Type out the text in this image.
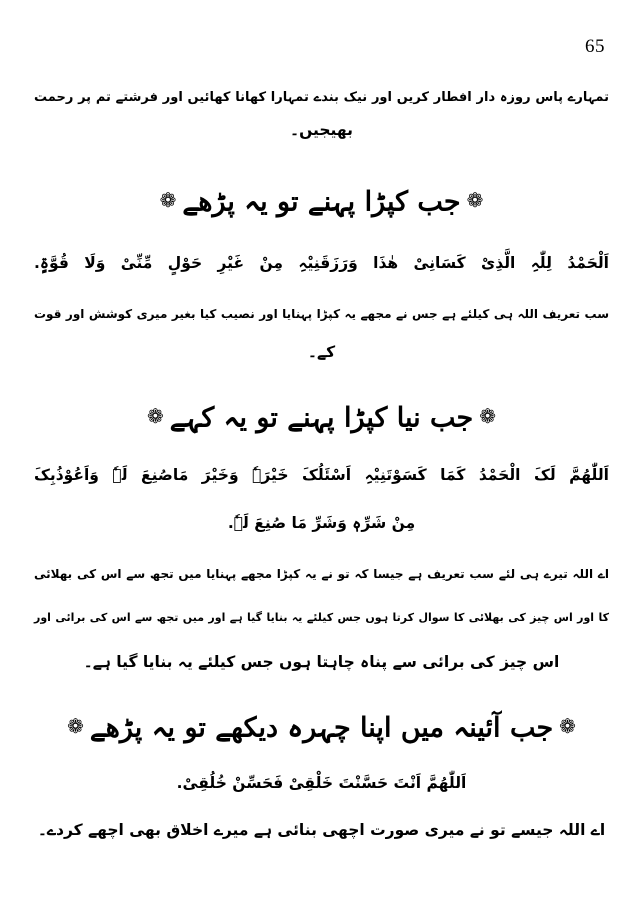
65
تمہارے پاس روزہ دار افطار کریں اور نیک بندے تمہارا کھانا کھائیں اور فرشتے تم پر رحمت
بھیجیں۔
❁جب کپڑا پہنے تو یہ پڑھے❁
اَلْحَمْدُ لِلّٰہِ الَّذِیْ کَسَانِیْ ھٰذَا وَرَزَقَنِیْہِ مِنْ غَیْرِ حَوْلٍ مِّنِّیْ وَلَا قُوَّۃٍ.
سب تعریف اللہ ہی کیلئے ہے جس نے مجھے یہ کپڑا پہنایا اور نصیب کیا بغیر میری کوشش اور قوت
کے۔
❁جب نیا کپڑا پہنے تو یہ کہے❁
اَللّٰھُمَّ لَکَ الْحَمْدُ کَمَا کَسَوْتَنِیْہِ اَسْئَلُکَ خَیْرَہٗ وَخَیْرَ مَاصُنِعَ لَہٗ وَاَعُوْذُبِکَ
مِنْ شَرِّہٖ وَشَرِّ مَا صُنِعَ لَہٗ.
اے اللہ تیرے ہی لئے سب تعریف ہے جیسا کہ تو نے یہ کپڑا مجھے پہنایا میں تجھ سے اس کی بھلائی
کا اور اس چیز کی بھلائی کا سوال کرتا ہوں جس کیلئے یہ بنایا گیا ہے اور میں تجھ سے اس کی برائی اور
اس چیز کی برائی سے پناہ چاہتا ہوں جس کیلئے یہ بنایا گیا ہے۔
❁جب آئینہ میں اپنا چہرہ دیکھے تو یہ پڑھے❁
اَللّٰھُمَّ اَنْتَ حَسَّنْتَ خَلْقِیْ فَحَسِّنْ خُلُقِیْ.
اے اللہ جیسے تو نے میری صورت اچھی بنائی ہے میرے اخلاق بھی اچھے کردے۔
